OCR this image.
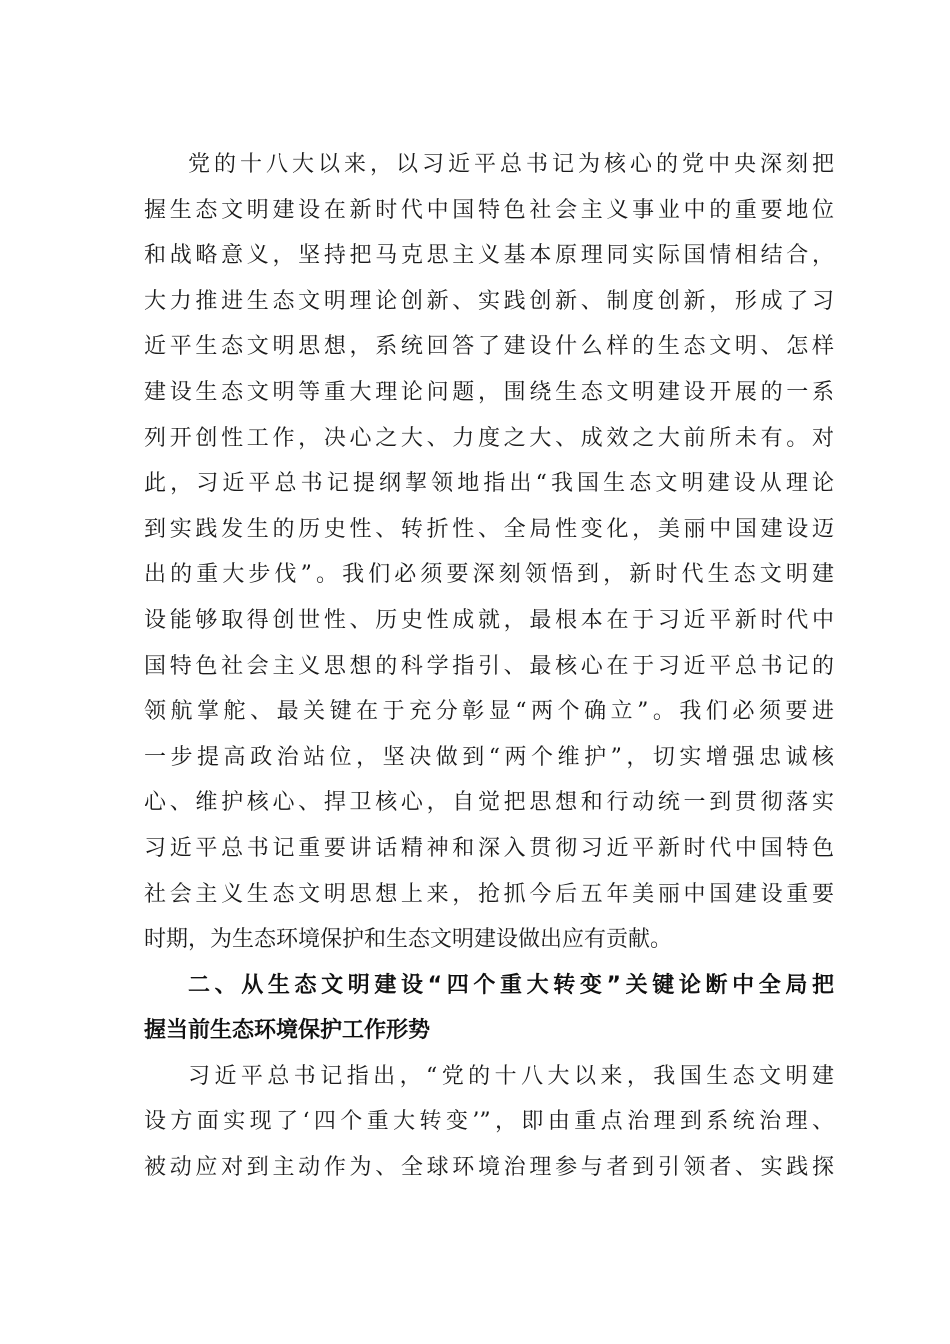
党的十八大以来，以习近平总书记为核心的党中央深刻把
握生态文明建设在新时代中国特色社会主义事业中的重要地位
和战略意义，坚持把马克思主义基本原理同实际国情相结合，
大力推进生态文明理论创新、实践创新、制度创新，形成了习
近平生态文明思想，系统回答了建设什么样的生态文明、怎样
建设生态文明等重大理论问题，围绕生态文明建设开展的一系
列开创性工作，决心之大、力度之大、成效之大前所未有。对
此，习近平总书记提纲挈领地指出“我国生态文明建设从理论
到实践发生的历史性、转折性、全局性变化，美丽中国建设迈
出的重大步伐”。我们必须要深刻领悟到，新时代生态文明建
设能够取得创世性、历史性成就，最根本在于习近平新时代中
国特色社会主义思想的科学指引、最核心在于习近平总书记的
领航掌舵、最关键在于充分彰显“两个确立”。我们必须要进
一步提高政治站位，坚决做到“两个维护”，切实增强忠诚核
心、维护核心、捍卫核心，自觉把思想和行动统一到贯彻落实
习近平总书记重要讲话精神和深入贯彻习近平新时代中国特色
社会主义生态文明思想上来，抢抓今后五年美丽中国建设重要
时期，为生态环境保护和生态文明建设做出应有贡献。
二、从生态文明建设“四个重大转变”关键论断中全局把
握当前生态环境保护工作形势
习近平总书记指出，“党的十八大以来，我国生态文明建
设方面实现了‘四个重大转变’”，即由重点治理到系统治理、
被动应对到主动作为、全球环境治理参与者到引领者、实践探
